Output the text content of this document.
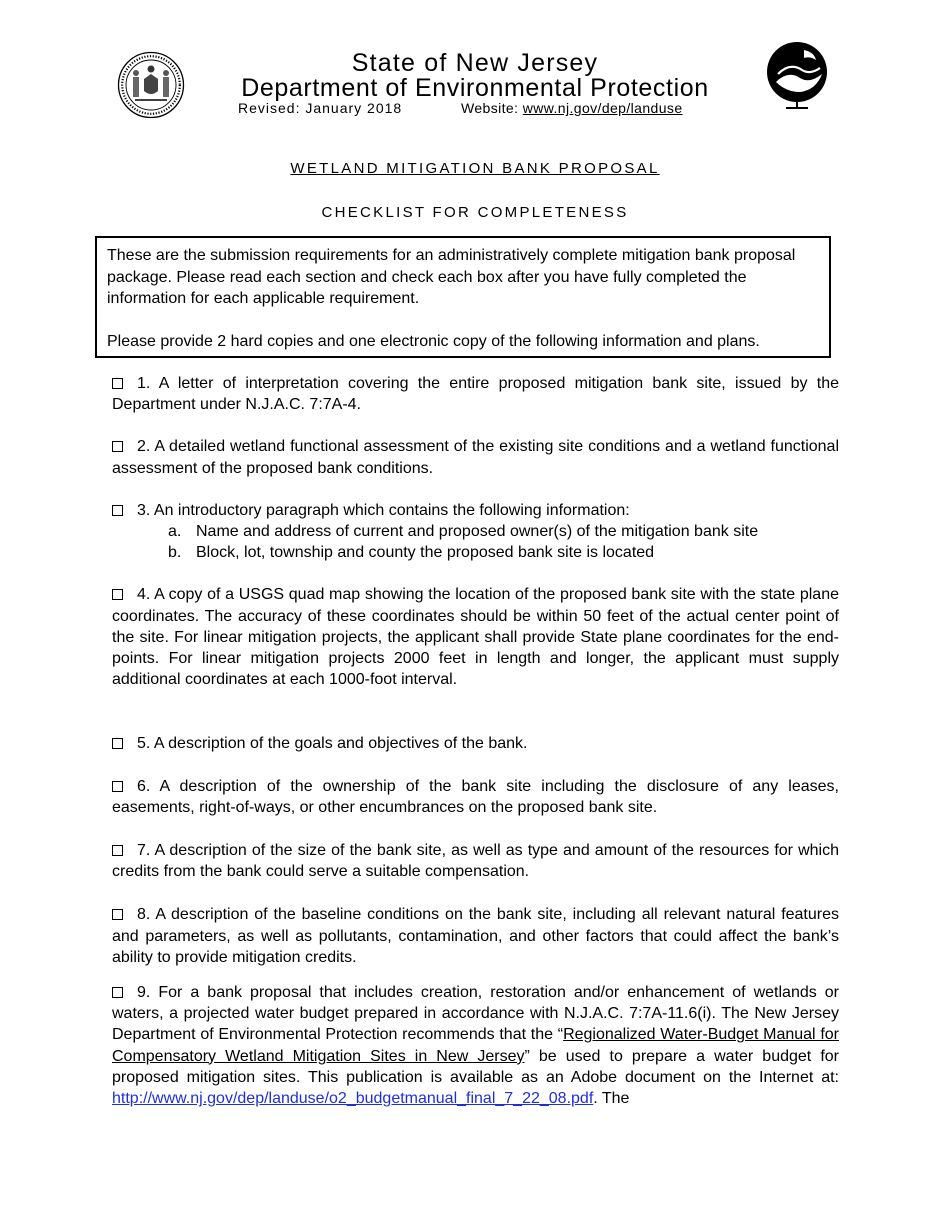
State of New Jersey
Department of Environmental Protection
Revised: January 2018	Website: www.nj.gov/dep/landuse
WETLAND MITIGATION BANK PROPOSAL
CHECKLIST FOR COMPLETENESS

These are the submission requirements for an administratively complete mitigation bank proposal package. Please read each section and check each box after you have fully completed the information for each applicable requirement.

Please provide 2 hard copies and one electronic copy of the following information and plans.

1. A letter of interpretation covering the entire proposed mitigation bank site, issued by the Department under N.J.A.C. 7:7A-4.
2. A detailed wetland functional assessment of the existing site conditions and a wetland functional assessment of the proposed bank conditions.
3. An introductory paragraph which contains the following information:
a. Name and address of current and proposed owner(s) of the mitigation bank site
b. Block, lot, township and county the proposed bank site is located
4. A copy of a USGS quad map showing the location of the proposed bank site with the state plane coordinates. The accuracy of these coordinates should be within 50 feet of the actual center point of the site. For linear mitigation projects, the applicant shall provide State plane coordinates for the end-points. For linear mitigation projects 2000 feet in length and longer, the applicant must supply additional coordinates at each 1000-foot interval.
5. A description of the goals and objectives of the bank.
6. A description of the ownership of the bank site including the disclosure of any leases, easements, right-of-ways, or other encumbrances on the proposed bank site.
7. A description of the size of the bank site, as well as type and amount of the resources for which credits from the bank could serve a suitable compensation.
8. A description of the baseline conditions on the bank site, including all relevant natural features and parameters, as well as pollutants, contamination, and other factors that could affect the bank’s ability to provide mitigation credits.
9. For a bank proposal that includes creation, restoration and/or enhancement of wetlands or waters, a projected water budget prepared in accordance with N.J.A.C. 7:7A-11.6(i). The New Jersey Department of Environmental Protection recommends that the “Regionalized Water-Budget Manual for Compensatory Wetland Mitigation Sites in New Jersey” be used to prepare a water budget for proposed mitigation sites. This publication is available as an Adobe document on the Internet at: http://www.nj.gov/dep/landuse/o2_budgetmanual_final_7_22_08.pdf. The
